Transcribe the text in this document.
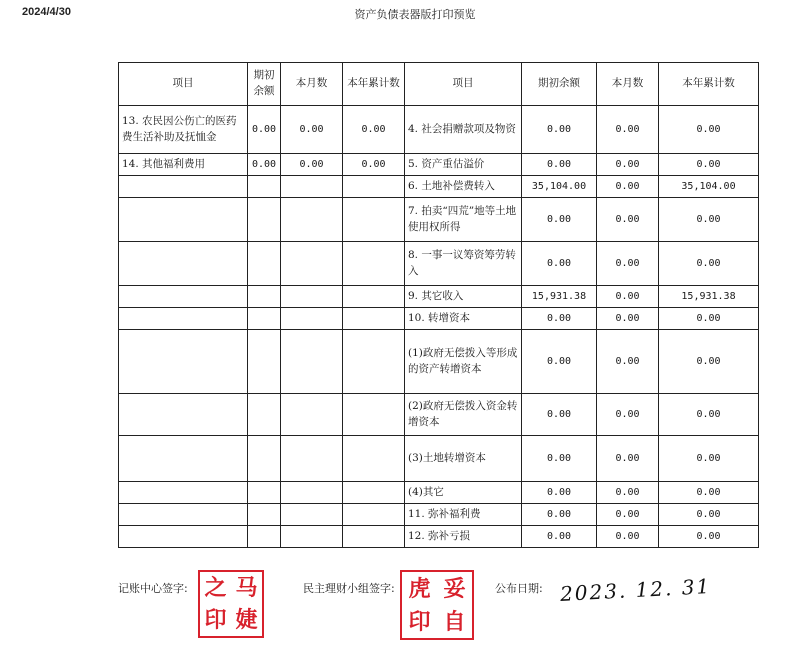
2024/4/30	资产负债表器版打印预览
项目	期初余额	本月数	本年累计数	项目	期初余额	本月数	本年累计数
13. 农民因公伤亡的医药费生活补助及抚恤金	0.00	0.00	0.00	4. 社会捐赠款项及物资	0.00	0.00	0.00
14. 其他福利费用	0.00	0.00	0.00	5. 资产重估溢价	0.00	0.00	0.00
				6. 土地补偿费转入	35,104.00	0.00	35,104.00
				7. 拍卖“四荒”地等土地使用权所得	0.00	0.00	0.00
				8. 一事一议筹资筹劳转入	0.00	0.00	0.00
				9. 其它收入	15,931.38	0.00	15,931.38
				10. 转增资本	0.00	0.00	0.00
				(1)政府无偿拨入等形成的资产转增资本	0.00	0.00	0.00
				(2)政府无偿拨入资金转增资本	0.00	0.00	0.00
				(3)土地转增资本	0.00	0.00	0.00
				(4)其它	0.00	0.00	0.00
				11. 弥补福利费	0.00	0.00	0.00
				12. 弥补亏损	0.00	0.00	0.00
记账中心签字: 之 马
印 婕
民主理财小组签字: 虎 妥
印 自
公布日期: 2023. 12. 31
